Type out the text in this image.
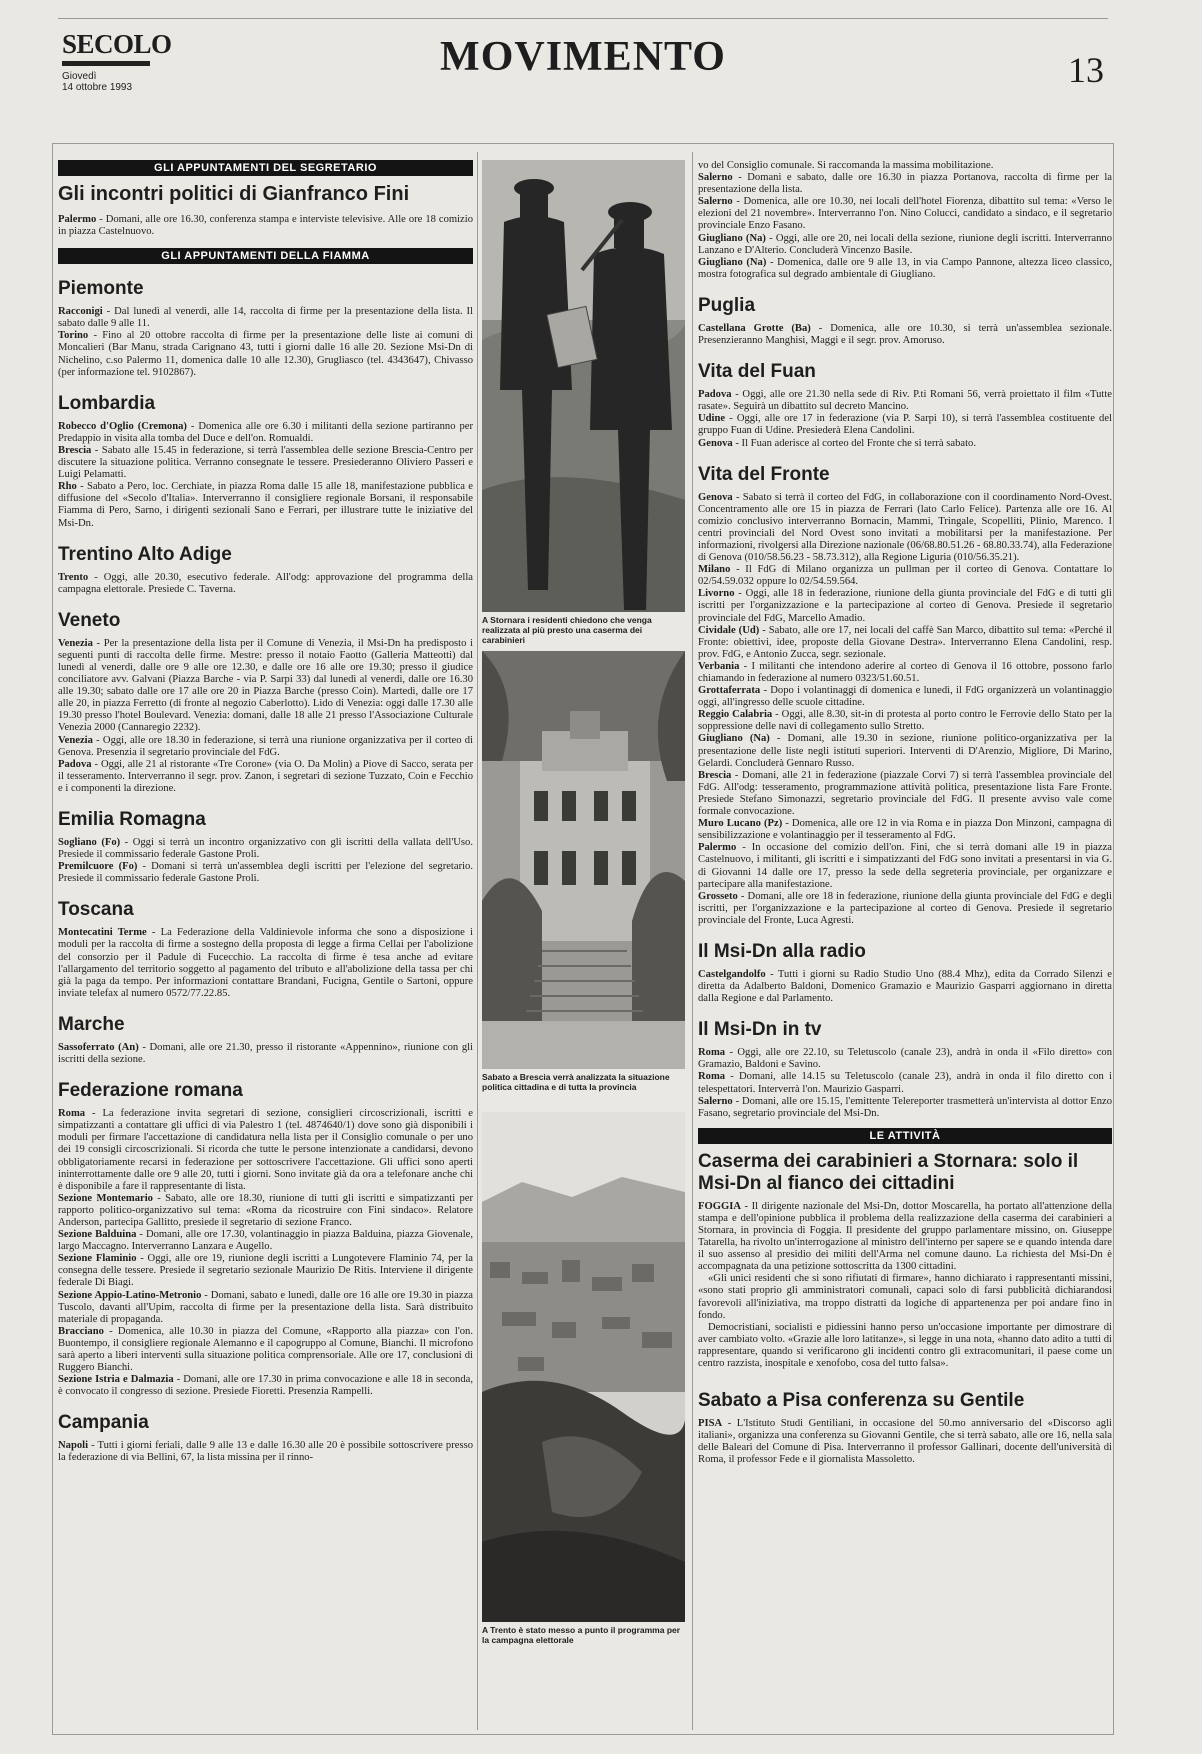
SECOLO
Giovedì
14 ottobre 1993
MOVIMENTO	13
GLI APPUNTAMENTI DEL SEGRETARIO
Gli incontri politici di Gianfranco Fini

Palermo - Domani, alle ore 16.30, conferenza stampa e interviste televisive. Alle ore 18 comizio in piazza Castelnuovo.

GLI APPUNTAMENTI DELLA FIAMMA
Piemonte

Racconigi - Dal lunedì al venerdì, alle 14, raccolta di firme per la presentazione della lista. Il sabato dalle 9 alle 11.

Torino - Fino al 20 ottobre raccolta di firme per la presentazione delle liste ai comuni di Moncalieri (Bar Manu, strada Carignano 43, tutti i giorni dalle 16 alle 20. Sezione Msi-Dn di Nichelino, c.so Palermo 11, domenica dalle 10 alle 12.30), Grugliasco (tel. 4343647), Chivasso (per informazione tel. 9102867).

Lombardia

Robecco d'Oglio (Cremona) - Domenica alle ore 6.30 i militanti della sezione partiranno per Predappio in visita alla tomba del Duce e dell'on. Romualdi.

Brescia - Sabato alle 15.45 in federazione, si terrà l'assemblea delle sezione Brescia-Centro per discutere la situazione politica. Verranno consegnate le tessere. Presiederanno Oliviero Passeri e Luigi Pelamatti.

Rho - Sabato a Pero, loc. Cerchiate, in piazza Roma dalle 15 alle 18, manifestazione pubblica e diffusione del «Secolo d'Italia». Interverranno il consigliere regionale Borsani, il responsabile Fiamma di Pero, Sarno, i dirigenti sezionali Sano e Ferrari, per illustrare tutte le iniziative del Msi-Dn.

Trentino Alto Adige

Trento - Oggi, alle 20.30, esecutivo federale. All'odg: approvazione del programma della campagna elettorale. Presiede C. Taverna.

Veneto

Venezia - Per la presentazione della lista per il Comune di Venezia, il Msi-Dn ha predisposto i seguenti punti di raccolta delle firme. Mestre: presso il notaio Faotto (Galleria Matteotti) dal lunedì al venerdì, dalle ore 9 alle ore 12.30, e dalle ore 16 alle ore 19.30; presso il giudice conciliatore avv. Galvani (Piazza Barche - via P. Sarpi 33) dal lunedì al venerdì, dalle ore 16.30 alle 19.30; sabato dalle ore 17 alle ore 20 in Piazza Barche (presso Coin). Martedì, dalle ore 17 alle 20, in piazza Ferretto (di fronte al negozio Caberlotto). Lido di Venezia: oggi dalle 17.30 alle 19.30 presso l'hotel Boulevard. Venezia: domani, dalle 18 alle 21 presso l'Associazione Culturale Venezia 2000 (Cannaregio 2232).

Venezia - Oggi, alle ore 18.30 in federazione, si terrà una riunione organizzativa per il corteo di Genova. Presenzia il segretario provinciale del FdG.

Padova - Oggi, alle 21 al ristorante «Tre Corone» (via O. Da Molin) a Piove di Sacco, serata per il tesseramento. Interverranno il segr. prov. Zanon, i segretari di sezione Tuzzato, Coin e Fecchio e i componenti la direzione.

Emilia Romagna

Sogliano (Fo) - Oggi si terrà un incontro organizzativo con gli iscritti della vallata dell'Uso. Presiede il commissario federale Gastone Proli.

Premilcuore (Fo) - Domani si terrà un'assemblea degli iscritti per l'elezione del segretario. Presiede il commissario federale Gastone Proli.

Toscana

Montecatini Terme - La Federazione della Valdinievole informa che sono a disposizione i moduli per la raccolta di firme a sostegno della proposta di legge a firma Cellai per l'abolizione del consorzio per il Padule di Fucecchio. La raccolta di firme è tesa anche ad evitare l'allargamento del territorio soggetto al pagamento del tributo e all'abolizione della tassa per chi già la paga da tempo. Per informazioni contattare Brandani, Fucigna, Gentile o Sartoni, oppure inviate telefax al numero 0572/77.22.85.

Marche

Sassoferrato (An) - Domani, alle ore 21.30, presso il ristorante «Appennino», riunione con gli iscritti della sezione.

Federazione romana

Roma - La federazione invita segretari di sezione, consiglieri circoscrizionali, iscritti e simpatizzanti a contattare gli uffici di via Palestro 1 (tel. 4874640/1) dove sono già disponibili i moduli per firmare l'accettazione di candidatura nella lista per il Consiglio comunale o per uno dei 19 consigli circoscrizionali. Si ricorda che tutte le persone intenzionate a candidarsi, devono obbligatoriamente recarsi in federazione per sottoscrivere l'accettazione. Gli uffici sono aperti ininterrottamente dalle ore 9 alle 20, tutti i giorni. Sono invitate già da ora a telefonare anche chi è disponibile a fare il rappresentante di lista.

Sezione Montemario - Sabato, alle ore 18.30, riunione di tutti gli iscritti e simpatizzanti per rapporto politico-organizzativo sul tema: «Roma da ricostruire con Fini sindaco». Relatore Anderson, partecipa Gallitto, presiede il segretario di sezione Franco.

Sezione Balduina - Domani, alle ore 17.30, volantinaggio in piazza Balduina, piazza Giovenale, largo Maccagno. Interverranno Lanzara e Augello.

Sezione Flaminio - Oggi, alle ore 19, riunione degli iscritti a Lungotevere Flaminio 74, per la consegna delle tessere. Presiede il segretario sezionale Maurizio De Ritis. Interviene il dirigente federale Di Biagi.

Sezione Appio-Latino-Metronio - Domani, sabato e lunedì, dalle ore 16 alle ore 19.30 in piazza Tuscolo, davanti all'Upim, raccolta di firme per la presentazione della lista. Sarà distribuito materiale di propaganda.

Bracciano - Domenica, alle 10.30 in piazza del Comune, «Rapporto alla piazza» con l'on. Buontempo, il consigliere regionale Alemanno e il capogruppo al Comune, Bianchi. Il microfono sarà aperto a liberi interventi sulla situazione politica comprensoriale. Alle ore 17, conclusioni di Ruggero Bianchi.

Sezione Istria e Dalmazia - Domani, alle ore 17.30 in prima convocazione e alle 18 in seconda, è convocato il congresso di sezione. Presiede Fioretti. Presenzia Rampelli.

Campania

Napoli - Tutti i giorni feriali, dalle 9 alle 13 e dalle 16.30 alle 20 è possibile sottoscrivere presso la federazione di via Bellini, 67, la lista missina per il rinno-

A Stornara i residenti chiedono che venga realizzata al più presto una caserma dei carabinieri
Sabato a Brescia verrà analizzata la situazione politica cittadina e di tutta la provincia
A Trento è stato messo a punto il programma per la campagna elettorale

vo del Consiglio comunale. Si raccomanda la massima mobilitazione.

Salerno - Domani e sabato, dalle ore 16.30 in piazza Portanova, raccolta di firme per la presentazione della lista.

Salerno - Domenica, alle ore 10.30, nei locali dell'hotel Fiorenza, dibattito sul tema: «Verso le elezioni del 21 novembre». Interverranno l'on. Nino Colucci, candidato a sindaco, e il segretario provinciale Enzo Fasano.

Giugliano (Na) - Oggi, alle ore 20, nei locali della sezione, riunione degli iscritti. Interverranno Lanzano e D'Alterio. Concluderà Vincenzo Basile.

Giugliano (Na) - Domenica, dalle ore 9 alle 13, in via Campo Pannone, altezza liceo classico, mostra fotografica sul degrado ambientale di Giugliano.

Puglia

Castellana Grotte (Ba) - Domenica, alle ore 10.30, si terrà un'assemblea sezionale. Presenzieranno Manghisi, Maggi e il segr. prov. Amoruso.

Vita del Fuan

Padova - Oggi, alle ore 21.30 nella sede di Riv. P.ti Romani 56, verrà proiettato il film «Tutte rasate». Seguirà un dibattito sul decreto Mancino.

Udine - Oggi, alle ore 17 in federazione (via P. Sarpi 10), si terrà l'assemblea costituente del gruppo Fuan di Udine. Presiederà Elena Candolini.

Genova - Il Fuan aderisce al corteo del Fronte che si terrà sabato.

Vita del Fronte

Genova - Sabato si terrà il corteo del FdG, in collaborazione con il coordinamento Nord-Ovest. Concentramento alle ore 15 in piazza de Ferrari (lato Carlo Felice). Partenza alle ore 16. Al comizio conclusivo interverranno Bornacin, Mammi, Tringale, Scopelliti, Plinio, Marenco. I centri provinciali del Nord Ovest sono invitati a mobilitarsi per la manifestazione. Per informazioni, rivolgersi alla Direzione nazionale (06/68.80.51.26 - 68.80.33.74), alla Federazione di Genova (010/58.56.23 - 58.73.312), alla Regione Liguria (010/56.35.21).

Milano - Il FdG di Milano organizza un pullman per il corteo di Genova. Contattare lo 02/54.59.032 oppure lo 02/54.59.564.

Livorno - Oggi, alle 18 in federazione, riunione della giunta provinciale del FdG e di tutti gli iscritti per l'organizzazione e la partecipazione al corteo di Genova. Presiede il segretario provinciale del FdG, Marcello Amadio.

Cividale (Ud) - Sabato, alle ore 17, nei locali del caffè San Marco, dibattito sul tema: «Perché il Fronte: obiettivi, idee, proposte della Giovane Destra». Interverranno Elena Candolini, resp. prov. FdG, e Antonio Zucca, segr. sezionale.

Verbania - I militanti che intendono aderire al corteo di Genova il 16 ottobre, possono farlo chiamando in federazione al numero 0323/51.60.51.

Grottaferrata - Dopo i volantinaggi di domenica e lunedì, il FdG organizzerà un volantinaggio oggi, all'ingresso delle scuole cittadine.

Reggio Calabria - Oggi, alle 8.30, sit-in di protesta al porto contro le Ferrovie dello Stato per la soppressione delle navi di collegamento sullo Stretto.

Giugliano (Na) - Domani, alle 19.30 in sezione, riunione politico-organizzativa per la presentazione delle liste negli istituti superiori. Interventi di D'Arenzio, Migliore, Di Marino, Gelardi. Concluderà Gennaro Russo.

Brescia - Domani, alle 21 in federazione (piazzale Corvi 7) si terrà l'assemblea provinciale del FdG. All'odg: tesseramento, programmazione attività politica, presentazione lista Fare Fronte. Presiede Stefano Simonazzi, segretario provinciale del FdG. Il presente avviso vale come formale convocazione.

Muro Lucano (Pz) - Domenica, alle ore 12 in via Roma e in piazza Don Minzoni, campagna di sensibilizzazione e volantinaggio per il tesseramento al FdG.

Palermo - In occasione del comizio dell'on. Fini, che si terrà domani alle 19 in piazza Castelnuovo, i militanti, gli iscritti e i simpatizzanti del FdG sono invitati a presentarsi in via G. di Giovanni 14 dalle ore 17, presso la sede della segreteria provinciale, per organizzare e partecipare alla manifestazione.

Grosseto - Domani, alle ore 18 in federazione, riunione della giunta provinciale del FdG e degli iscritti, per l'organizzazione e la partecipazione al corteo di Genova. Presiede il segretario provinciale del Fronte, Luca Agresti.

Il Msi-Dn alla radio

Castelgandolfo - Tutti i giorni su Radio Studio Uno (88.4 Mhz), edita da Corrado Silenzi e diretta da Adalberto Baldoni, Domenico Gramazio e Maurizio Gasparri aggiornano in diretta dalla Regione e dal Parlamento.

Il Msi-Dn in tv

Roma - Oggi, alle ore 22.10, su Teletuscolo (canale 23), andrà in onda il «Filo diretto» con Gramazio, Baldoni e Savino.

Roma - Domani, alle 14.15 su Teletuscolo (canale 23), andrà in onda il filo diretto con i telespettatori. Interverrà l'on. Maurizio Gasparri.

Salerno - Domani, alle ore 15.15, l'emittente Telereporter trasmetterà un'intervista al dottor Enzo Fasano, segretario provinciale del Msi-Dn.

LE ATTIVITÀ
Caserma dei carabinieri a Stornara: solo il Msi-Dn al fianco dei cittadini

FOGGIA - Il dirigente nazionale del Msi-Dn, dottor Moscarella, ha portato all'attenzione della stampa e dell'opinione pubblica il problema della realizzazione della caserma dei carabinieri a Stornara, in provincia di Foggia. Il presidente del gruppo parlamentare missino, on. Giuseppe Tatarella, ha rivolto un'interrogazione al ministro dell'interno per sapere se e quando intenda dare il suo assenso al presidio dei militi dell'Arma nel comune dauno. La richiesta del Msi-Dn è accompagnata da una petizione sottoscritta da 1300 cittadini.

«Gli unici residenti che si sono rifiutati di firmare», hanno dichiarato i rappresentanti missini, «sono stati proprio gli amministratori comunali, capaci solo di farsi pubblicità dichiarandosi favorevoli all'iniziativa, ma troppo distratti da logiche di appartenenza per poi andare fino in fondo.

Democristiani, socialisti e pidiessini hanno perso un'occasione importante per dimostrare di aver cambiato volto. «Grazie alle loro latitanze», si legge in una nota, «hanno dato adito a tutti di rappresentare, quando si verificarono gli incidenti contro gli extracomunitari, il paese come un centro razzista, inospitale e xenofobo, cosa del tutto falsa».

Sabato a Pisa conferenza su Gentile

PISA - L'Istituto Studi Gentiliani, in occasione del 50.mo anniversario del «Discorso agli italiani», organizza una conferenza su Giovanni Gentile, che si terrà sabato, alle ore 16, nella sala delle Baleari del Comune di Pisa. Interverranno il professor Gallinari, docente dell'università di Roma, il professor Fede e il giornalista Massoletto.
